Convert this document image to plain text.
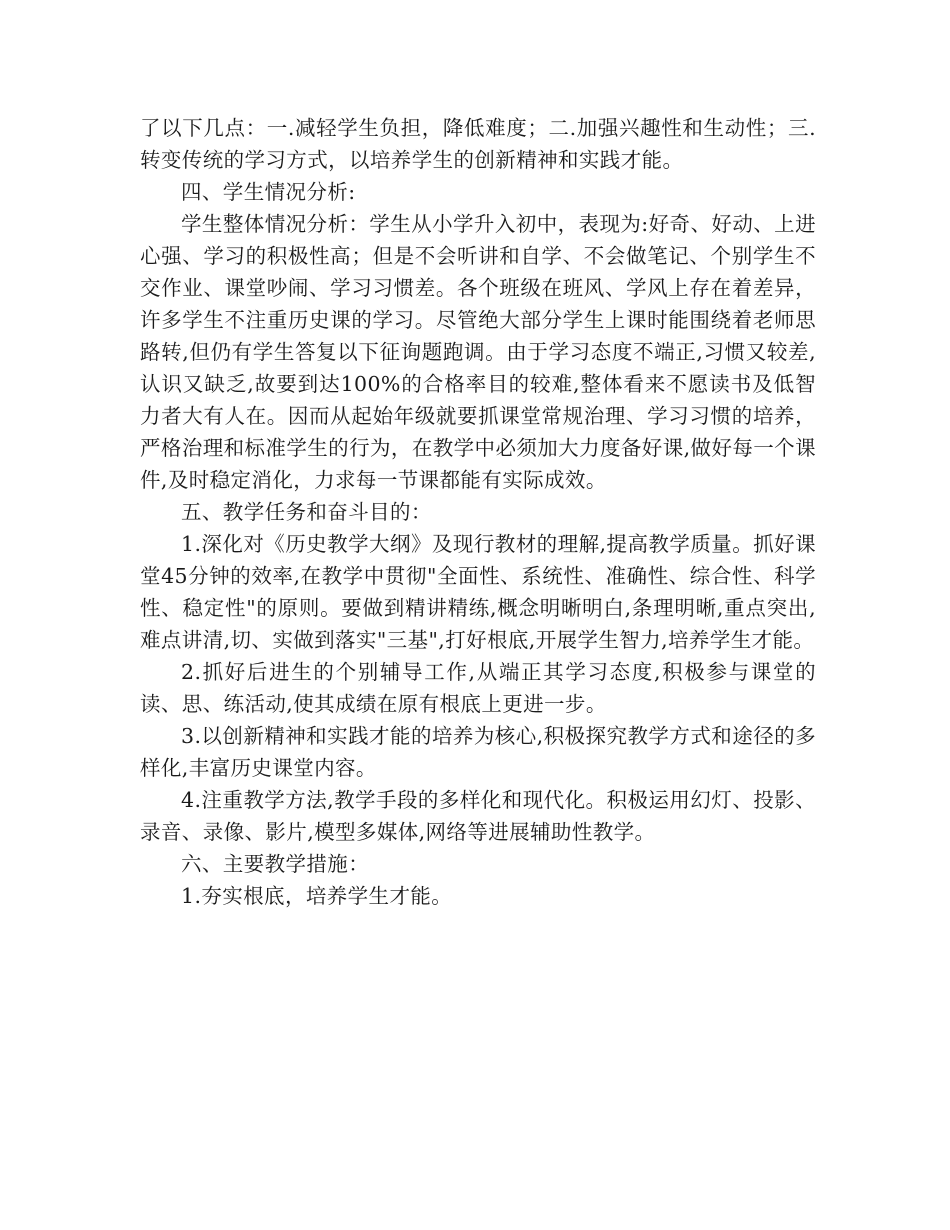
了以下几点：一.减轻学生负担，降低难度；二.加强兴趣性和生动性；三.转变传统的学习方式，以培养学生的创新精神和实践才能。

四、学生情况分析:

学生整体情况分析：学生从小学升入初中，表现为:好奇、好动、上进心强、学习的积极性高；但是不会听讲和自学、不会做笔记、个别学生不交作业、课堂吵闹、学习习惯差。各个班级在班风、学风上存在着差异，许多学生不注重历史课的学习。尽管绝大部分学生上课时能围绕着老师思路转,但仍有学生答复以下征询题跑调。由于学习态度不端正,习惯又较差,认识又缺乏,故要到达100%的合格率目的较难,整体看来不愿读书及低智力者大有人在。因而从起始年级就要抓课堂常规治理、学习习惯的培养，严格治理和标准学生的行为，在教学中必须加大力度备好课,做好每一个课件,及时稳定消化，力求每一节课都能有实际成效。

五、教学任务和奋斗目的：

1.深化对《历史教学大纲》及现行教材的理解,提高教学质量。抓好课堂45分钟的效率,在教学中贯彻"全面性、系统性、准确性、综合性、科学性、稳定性"的原则。要做到精讲精练,概念明晰明白,条理明晰,重点突出,难点讲清,切、实做到落实"三基",打好根底,开展学生智力,培养学生才能。

2.抓好后进生的个别辅导工作,从端正其学习态度,积极参与课堂的读、思、练活动,使其成绩在原有根底上更进一步。

3.以创新精神和实践才能的培养为核心,积极探究教学方式和途径的多样化,丰富历史课堂内容。

4.注重教学方法,教学手段的多样化和现代化。积极运用幻灯、投影、录音、录像、影片,模型多媒体,网络等进展辅助性教学。

六、主要教学措施：

1.夯实根底，培养学生才能。
